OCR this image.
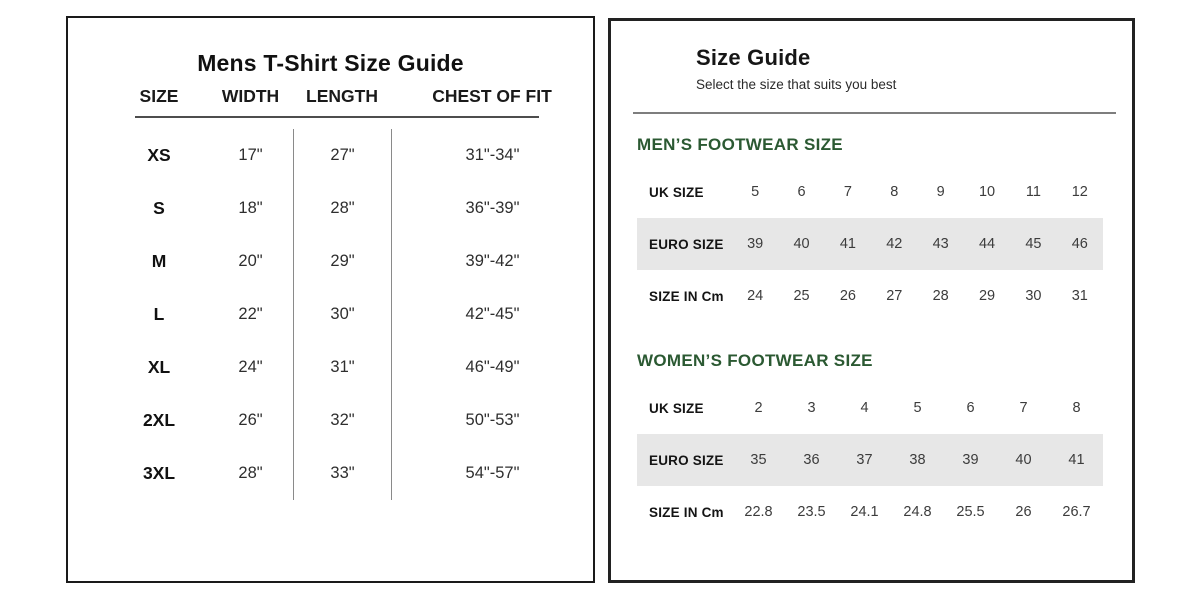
Mens T-Shirt Size Guide
SIZE	WIDTH	LENGTH	CHEST OF FIT
XS	17"	27"	31"-34"
S	18"	28"	36"-39"
M	20"	29"	39"-42"
L	22"	30"	42"-45"
XL	24"	31"	46"-49"
2XL	26"	32"	50"-53"
3XL	28"	33"	54"-57"
Size Guide
Select the size that suits you best
MEN’S FOOTWEAR SIZE
UK SIZE	5	6	7	8	9	10	11	12
EURO SIZE	39	40	41	42	43	44	45	46
SIZE IN Cm	24	25	26	27	28	29	30	31
WOMEN’S FOOTWEAR SIZE
UK SIZE	2	3	4	5	6	7	8
EURO SIZE	35	36	37	38	39	40	41
SIZE IN Cm	22.8	23.5	24.1	24.8	25.5	26	26.7
